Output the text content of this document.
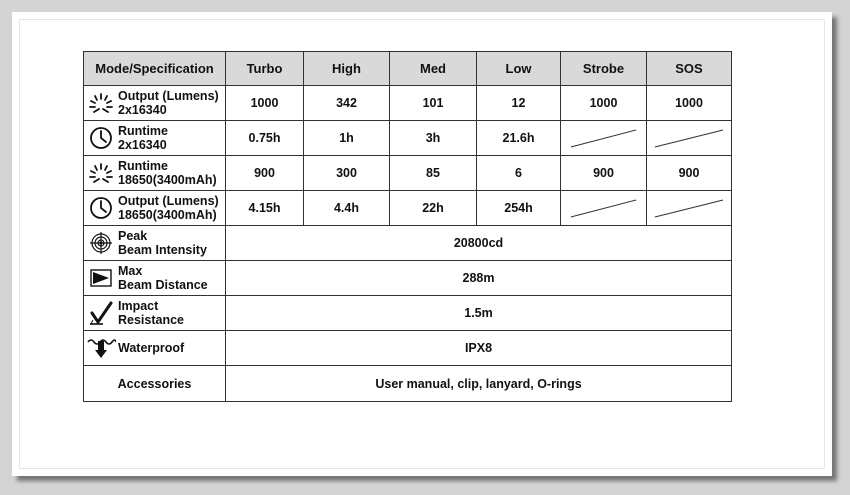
Mode/Specification	Turbo	High	Med	Low	Strobe	SOS

Output (Lumens)
2x16340	1000	342	101	12	1000	1000

Runtime
2x16340	0.75h	1h	3h	21.6h	

Runtime
18650(3400mAh)	900	300	85	6	900	900

Output (Lumens)
18650(3400mAh)	4.15h	4.4h	22h	254h	

Peak
Beam Intensity	20800cd					

Max
Beam Distance	288m					

Impact
Resistance	1.5m					

Waterproof	IPX8					

Accessories	User manual, clip, lanyard, O-rings					
